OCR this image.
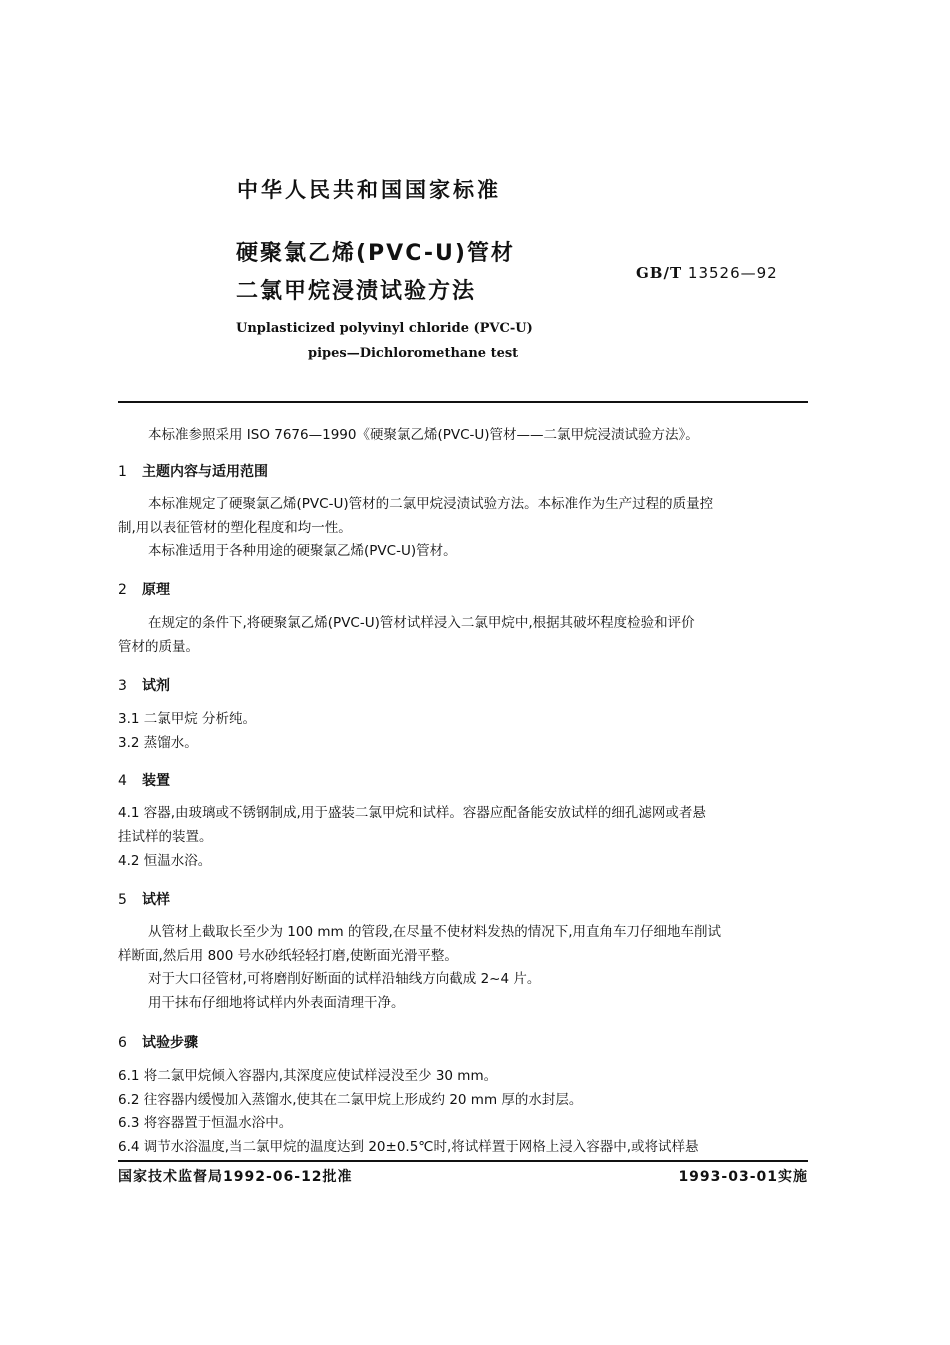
中华人民共和国国家标准
硬聚氯乙烯(PVC-U)管材
二氯甲烷浸渍试验方法
GB/T 13526—92
Unplasticized polyvinyl chloride (PVC-U)
pipes—Dichloromethane test
本标准参照采用 ISO 7676—1990《硬聚氯乙烯(PVC-U)管材——二氯甲烷浸渍试验方法》。
1 主题内容与适用范围
本标准规定了硬聚氯乙烯(PVC-U)管材的二氯甲烷浸渍试验方法。本标准作为生产过程的质量控
制,用以表征管材的塑化程度和均一性。
本标准适用于各种用途的硬聚氯乙烯(PVC-U)管材。
2 原理
在规定的条件下,将硬聚氯乙烯(PVC-U)管材试样浸入二氯甲烷中,根据其破坏程度检验和评价
管材的质量。
3 试剂
3.1 二氯甲烷 分析纯。
3.2 蒸馏水。
4 装置
4.1 容器,由玻璃或不锈钢制成,用于盛装二氯甲烷和试样。容器应配备能安放试样的细孔滤网或者悬
挂试样的装置。
4.2 恒温水浴。
5 试样
从管材上截取长至少为 100 mm 的管段,在尽量不使材料发热的情况下,用直角车刀仔细地车削试
样断面,然后用 800 号水砂纸轻轻打磨,使断面光滑平整。
对于大口径管材,可将磨削好断面的试样沿轴线方向截成 2~4 片。
用干抹布仔细地将试样内外表面清理干净。
6 试验步骤
6.1 将二氯甲烷倾入容器内,其深度应使试样浸没至少 30 mm。
6.2 往容器内缓慢加入蒸馏水,使其在二氯甲烷上形成约 20 mm 厚的水封层。
6.3 将容器置于恒温水浴中。
6.4 调节水浴温度,当二氯甲烷的温度达到 20±0.5℃时,将试样置于网格上浸入容器中,或将试样悬
国家技术监督局1992-06-12批准	1993-03-01实施
